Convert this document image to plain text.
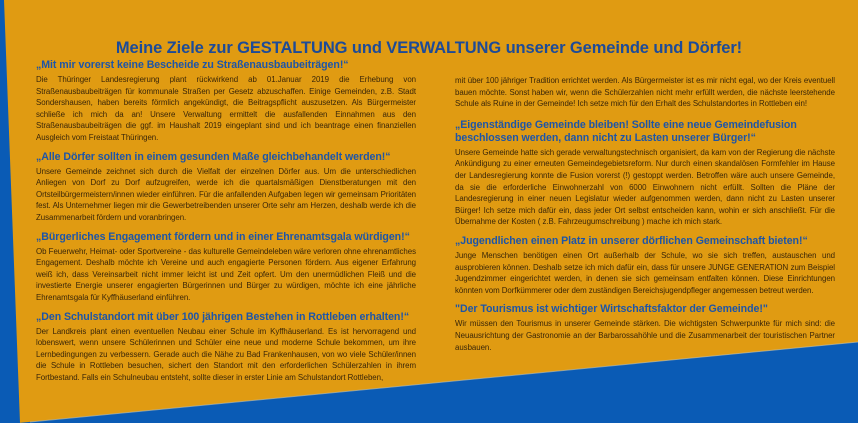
Meine Ziele zur GESTALTUNG und VERWALTUNG unserer Gemeinde und Dörfer!
„Mit mir vorerst keine Bescheide zu Straßenausbaubeiträgen!“

Die Thüringer Landesregierung plant rückwirkend ab 01.Januar 2019 die Erhebung von Straßenausbaubeiträgen für kommunale Straßen per Gesetz abzuschaffen. Einige Gemeinden, z.B. Stadt Sondershausen, haben bereits förmlich angekündigt, die Beitragspflicht auszusetzen. Als Bürgermeister schließe ich mich da an! Unsere Verwaltung ermittelt die ausfallenden Einnahmen aus den Straßenausbaubeiträgen die ggf. im Haushalt 2019 eingeplant sind und ich beantrage einen finanziellen Ausgleich vom Freistaat Thüringen.

„Alle Dörfer sollten in einem gesunden Maße gleichbehandelt werden!“

Unsere Gemeinde zeichnet sich durch die Vielfalt der einzelnen Dörfer aus. Um die unterschiedlichen Anliegen von Dorf zu Dorf aufzugreifen, werde ich die quartalsmäßigen Dienstberatungen mit den Ortsteilbürgermeistern/innen wieder einführen. Für die anfallenden Aufgaben legen wir gemeinsam Prioritäten fest. Als Unternehmer liegen mir die Gewerbetreibenden unserer Orte sehr am Herzen, deshalb werde ich die Zusammenarbeit fördern und voranbringen.

„Bürgerliches Engagement fördern und in einer Ehrenamtsgala würdigen!“

Ob Feuerwehr, Heimat- oder Sportvereine - das kulturelle Gemeindeleben wäre verloren ohne ehrenamtliches Engagement. Deshalb möchte ich Vereine und auch engagierte Personen fördern. Aus eigener Erfahrung weiß ich, dass Vereinsarbeit nicht immer leicht ist und Zeit opfert. Um den unermüdlichen Fleiß und die investierte Energie unserer engagierten Bürgerinnen und Bürger zu würdigen, möchte ich eine jährliche Ehrenamtsgala für Kyffhäuserland einführen.

„Den Schulstandort mit über 100 jährigen Bestehen in Rottleben erhalten!“

Der Landkreis plant einen eventuellen Neubau einer Schule im Kyffhäuserland. Es ist hervorragend und lobenswert, wenn unsere Schülerinnen und Schüler eine neue und moderne Schule bekommen, um ihre Lernbedingungen zu verbessern. Gerade auch die Nähe zu Bad Frankenhausen, von wo viele Schüler/innen die Schule in Rottleben besuchen, sichert den Standort mit den erforderlichen Schülerzahlen in ihrem Fortbestand. Falls ein Schulneubau entsteht, sollte dieser in erster Linie am Schulstandort Rottleben,

mit über 100 jähriger Tradition errichtet werden. Als Bürgermeister ist es mir nicht egal, wo der Kreis eventuell bauen möchte. Sonst haben wir, wenn die Schülerzahlen nicht mehr erfüllt werden, die nächste leerstehende Schule als Ruine in der Gemeinde! Ich setze mich für den Erhalt des Schulstandortes in Rottleben ein!

„Eigenständige Gemeinde bleiben! Sollte eine neue Gemeindefusion beschlossen werden, dann nicht zu Lasten unserer Bürger!“

Unsere Gemeinde hatte sich gerade verwaltungstechnisch organisiert, da kam von der Regierung die nächste Ankündigung zu einer erneuten Gemeindegebietsreform. Nur durch einen skandalösen Formfehler im Hause der Landesregierung konnte die Fusion vorerst (!) gestoppt werden. Betroffen wäre auch unsere Gemeinde, da sie die erforderliche Einwohnerzahl von 6000 Einwohnern nicht erfüllt. Sollten die Pläne der Landesregierung in einer neuen Legislatur wieder aufgenommen werden, dann nicht zu Lasten unserer Bürger! Ich setze mich dafür ein, dass jeder Ort selbst entscheiden kann, wohin er sich anschließt. Für die Übernahme der Kosten ( z.B. Fahrzeugumschreibung ) mache ich mich stark.

„Jugendlichen einen Platz in unserer dörflichen Gemeinschaft bieten!“

Junge Menschen benötigen einen Ort außerhalb der Schule, wo sie sich treffen, austauschen und ausprobieren können. Deshalb setze ich mich dafür ein, dass für unsere JUNGE GENERATION zum Beispiel Jugendzimmer eingerichtet werden, in denen sie sich gemeinsam entfalten können. Diese Einrichtungen könnten vom Dorfkümmerer oder dem zuständigen Bereichsjugendpfleger angemessen betreut werden.

"Der Tourismus ist wichtiger Wirtschaftsfaktor der Gemeinde!"

Wir müssen den Tourismus in unserer Gemeinde stärken. Die wichtigsten Schwerpunkte für mich sind: die Neuausrichtung der Gastronomie an der Barbarossahöhle und die Zusammenarbeit der touristischen Partner ausbauen.
